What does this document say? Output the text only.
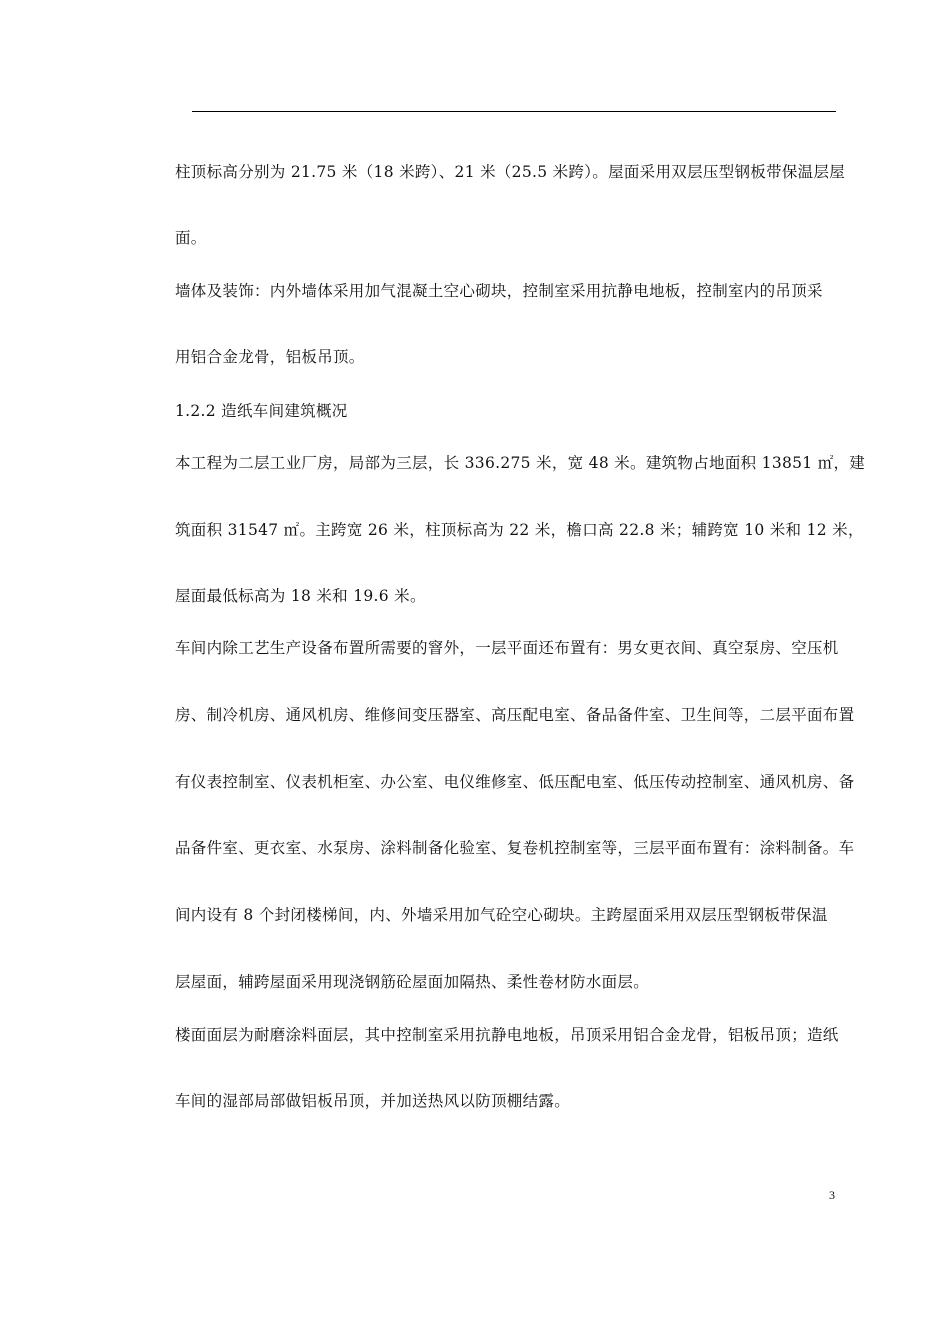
柱顶标高分别为 21.75 米（18 米跨）、21 米（25.5 米跨）。屋面采用双层压型钢板带保温层屋
面。
墙体及装饰：内外墙体采用加气混凝土空心砌块，控制室采用抗静电地板，控制室内的吊顶采
用铝合金龙骨，铝板吊顶。
1.2.2 造纸车间建筑概况
本工程为二层工业厂房，局部为三层，长 336.275 米，宽 48 米。建筑物占地面积 13851 ㎡，建
筑面积 31547 ㎡。主跨宽 26 米，柱顶标高为 22 米，檐口高 22.8 米；辅跨宽 10 米和 12 米，
屋面最低标高为 18 米和 19.6 米。
车间内除工艺生产设备布置所需要的窨外，一层平面还布置有：男女更衣间、真空泵房、空压机
房、制冷机房、通风机房、维修间变压器室、高压配电室、备品备件室、卫生间等，二层平面布置
有仪表控制室、仪表机柜室、办公室、电仪维修室、低压配电室、低压传动控制室、通风机房、备
品备件室、更衣室、水泵房、涂料制备化验室、复卷机控制室等，三层平面布置有：涂料制备。车
间内设有 8 个封闭楼梯间，内、外墙采用加气砼空心砌块。主跨屋面采用双层压型钢板带保温
层屋面，辅跨屋面采用现浇钢筋砼屋面加隔热、柔性卷材防水面层。
楼面面层为耐磨涂料面层，其中控制室采用抗静电地板，吊顶采用铝合金龙骨，铝板吊顶；造纸
车间的湿部局部做铝板吊顶，并加送热风以防顶棚结露。
3
